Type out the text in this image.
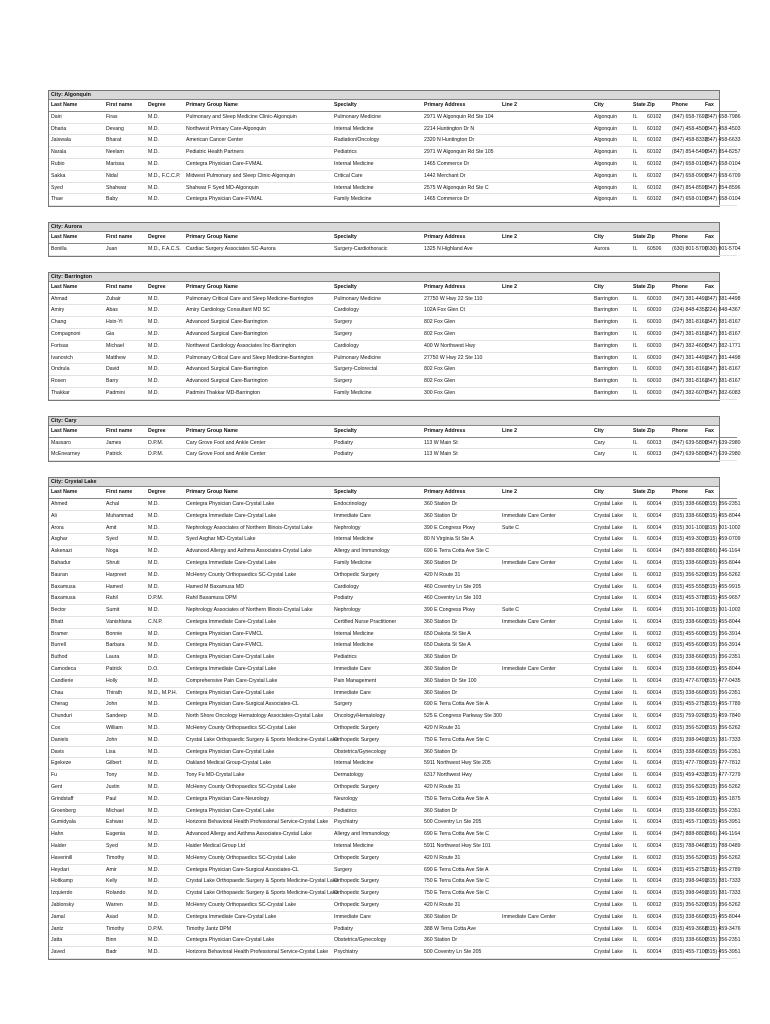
City: Algonquin
Last Name	First name	Degree	Primary Group Name	Specialty	Primary Address	Line 2	City	State	Zip	Phone	Fax
Dairi	Firas	M.D.	Pulmonary and Sleep Medicine Clinic-Algonquin	Pulmonary Medicine	2971 W Algonquin Rd Ste 104		Algonquin	IL	60102	(847) 658-7693	(847) 658-7986
Dharia	Devang	M.D.	Northwest Primary Care-Algonquin	Internal Medicine	2214 Huntington Dr N		Algonquin	IL	60102	(847) 458-4500	(847) 458-4503
Jaiswala	Bharat	M.D.	American Cancer Center	Radiation/Oncology	2320 N Huntington Dr		Algonquin	IL	60102	(847) 458-8333	(847) 458-6633
Narala	Neelam	M.D.	Pediatric Health Partners	Pediatrics	2971 W Algonquin Rd Ste 105		Algonquin	IL	60102	(847) 854-5490	(847) 854-8257
Rubio	Marissa	M.D.	Centegra Physician Care-FVMAL	Internal Medicine	1465 Commerce Dr		Algonquin	IL	60102	(847) 658-0100	(847) 658-0104
Sakka	Nidal	M.D., F.C.C.P.	Midwest Pulmonary and Sleep Clinic-Algonquin	Critical Care	1442 Merchant Dr		Algonquin	IL	60102	(847) 658-0909	(847) 658-6709
Syed	Shahwar	M.D.	Shahwar F Syed MD-Algonquin	Internal Medicine	2575 W Algonquin Rd Ste C		Algonquin	IL	60102	(847) 854-8595	(847) 854-8596
Thae	Baby	M.D.	Centegra Physician Care-FVMAL	Family Medicine	1465 Commerce Dr		Algonquin	IL	60102	(847) 658-0100	(847) 658-0104
City: Aurora
Last Name	First name	Degree	Primary Group Name	Specialty	Primary Address	Line 2	City	State	Zip	Phone	Fax
Bonilla	Juan	M.D., F.A.C.S.	Cardiac Surgery Associates SC-Aurora	Surgery-Cardiothoracic	1325 N Highland Ave		Aurora	IL	60506	(630) 801-5700	(630) 801-5704
City: Barrington
Last Name	First name	Degree	Primary Group Name	Specialty	Primary Address	Line 2	City	State	Zip	Phone	Fax
Ahmad	Zubair	M.D.	Pulmonary Critical Care and Sleep Medicine-Barrington	Pulmonary Medicine	27750 W Hwy 22 Ste 110		Barrington	IL	60010	(847) 381-4491	(847) 381-4498
Amiry	Abas	M.D.	Amiry Cardiology Consultant MD SC	Cardiology	102A Fox Glen Ct		Barrington	IL	60010	(224) 848-4353	(224) 848-4367
Chang	Hsin-Yi	M.D.	Advanced Surgical Care-Barrington	Surgery	802 Fox Glen		Barrington	IL	60010	(847) 381-8161	(847) 381-8167
Compagnoni	Gia	M.D.	Advanced Surgical Care-Barrington	Surgery	802 Fox Glen		Barrington	IL	60010	(847) 381-8161	(847) 381-8167
Fortsas	Michael	M.D.	Northwest Cardiology Associates Inc-Barrington	Cardiology	400 W Northwest Hwy		Barrington	IL	60010	(847) 382-4600	(847) 382-1771
Ivanovich	Matthew	M.D.	Pulmonary Critical Care and Sleep Medicine-Barrington	Pulmonary Medicine	27750 W Hwy 22 Ste 110		Barrington	IL	60010	(847) 381-4491	(847) 381-4498
Ondrula	David	M.D.	Advanced Surgical Care-Barrington	Surgery-Colorectal	802 Fox Glen		Barrington	IL	60010	(847) 381-8161	(847) 381-8167
Rosen	Barry	M.D.	Advanced Surgical Care-Barrington	Surgery	802 Fox Glen		Barrington	IL	60010	(847) 381-8161	(847) 381-8167
Thakkar	Padmini	M.D.	Padmini Thakkar MD-Barrington	Family Medicine	300 Fox Glen		Barrington	IL	60010	(847) 382-6070	(847) 382-6083
City: Cary
Last Name	First name	Degree	Primary Group Name	Specialty	Primary Address	Line 2	City	State	Zip	Phone	Fax
Massaro	James	D.P.M.	Cary Grove Foot and Ankle Center	Podiatry	113 W Main St		Cary	IL	60013	(847) 639-5800	(847) 639-2980
McEnearney	Patrick	D.P.M.	Cary Grove Foot and Ankle Center	Podiatry	113 W Main St		Cary	IL	60013	(847) 639-5800	(847) 639-2980
City: Crystal Lake
Last Name	First name	Degree	Primary Group Name	Specialty	Primary Address	Line 2	City	State	Zip	Phone	Fax
Ahmed	Achal	M.D.	Centegra Physician Care-Crystal Lake	Endocrinology	360 Station Dr		Crystal Lake	IL	60014	(815) 338-6600	(815) 356-2351
Ali	Muhammad	M.D.	Centegra Immediate Care-Crystal Lake	Immediate Care	360 Station Dr	Immediate Care Center	Crystal Lake	IL	60014	(815) 338-6600	(815) 455-8044
Arora	Amit	M.D.	Nephrology Associates of Northern Illinois-Crystal Lake	Nephrology	390 E Congress Pkwy	Suite C	Crystal Lake	IL	60014	(815) 301-1001	(815) 301-1002
Asghar	Syed	M.D.	Syed Asghar MD-Crystal Lake	Internal Medicine	80 N Virginia St Ste A		Crystal Lake	IL	60014	(815) 459-3030	(815) 459-0709
Askenazi	Noga	M.D.	Advanced Allergy and Asthma Associates-Crystal Lake	Allergy and Immunology	690 E Terra Cotta Ave Ste C		Crystal Lake	IL	60014	(847) 888-8802	(866) 246-1164
Bahadur	Shruti	M.D.	Centegra Immediate Care-Crystal Lake	Family Medicine	360 Station Dr	Immediate Care Center	Crystal Lake	IL	60014	(815) 338-6600	(815) 455-8044
Bauran	Harpreet	M.D.	McHenry County Orthopaedics SC-Crystal Lake	Orthopedic Surgery	420 N Route 31		Crystal Lake	IL	60012	(815) 356-5200	(815) 356-5262
Baxamusa	Hamed	M.D.	Hamed M Baxamusa MD	Cardiology	460 Coventry Ln Ste 205		Crystal Lake	IL	60014	(815) 455-5550	(815) 455-9915
Baxamusa	Rahil	D.P.M.	Rahil Baxamusa DPM	Podiatry	460 Coventry Ln Ste 103		Crystal Lake	IL	60014	(815) 455-3788	(815) 455-9657
Bector	Sumit	M.D.	Nephrology Associates of Northern Illinois-Crystal Lake	Nephrology	390 E Congress Pkwy	Suite C	Crystal Lake	IL	60014	(815) 301-1001	(815) 301-1002
Bhatt	Vanishtana	C.N.P.	Centegra Immediate Care-Crystal Lake	Certified Nurse Practitioner	360 Station Dr	Immediate Care Center	Crystal Lake	IL	60014	(815) 338-6600	(815) 455-8044
Bramer	Bonnie	M.D.	Centegra Physician Care-FVMCL	Internal Medicine	650 Dakota St Ste A		Crystal Lake	IL	60012	(815) 455-6000	(815) 356-3914
Burrell	Barbara	M.D.	Centegra Physician Care-FVMCL	Internal Medicine	650 Dakota St Ste A		Crystal Lake	IL	60012	(815) 455-6000	(815) 356-3914
Buthod	Laura	M.D.	Centegra Physician Care-Crystal Lake	Pediatrics	360 Station Dr		Crystal Lake	IL	60014	(815) 338-6600	(815) 356-2351
Camodeca	Patrick	D.O.	Centegra Immediate Care-Crystal Lake	Immediate Care	360 Station Dr	Immediate Care Center	Crystal Lake	IL	60014	(815) 338-6600	(815) 455-8044
Candlerie	Holly	M.D.	Comprehensive Pain Care-Crystal Lake	Pain Management	360 Station Dr Ste 100		Crystal Lake	IL	60014	(815) 477-6700	(815) 477-0435
Chau	Thirath	M.D., M.P.H.	Centegra Physician Care-Crystal Lake	Immediate Care	360 Station Dr		Crystal Lake	IL	60014	(815) 338-6600	(815) 356-2351
Cherag	John	M.D.	Centegra Physician Care-Surgical Associates-CL	Surgery	690 E Terra Cotta Ave Ste A		Crystal Lake	IL	60014	(815) 455-2752	(815) 455-7789
Chunduri	Sandeep	M.D.	North Shore Oncology Hematology Associates-Crystal Lake	Oncology/Hematology	525 E Congress Parkway Ste 300		Crystal Lake	IL	60014	(815) 759-9260	(815) 459-7840
Cox	William	M.D.	McHenry County Orthopaedics SC-Crystal Lake	Orthopedic Surgery	420 N Route 31		Crystal Lake	IL	60012	(815) 356-5200	(815) 356-5262
Daniels	John	M.D.	Crystal Lake Orthopaedic Surgery & Sports Medicine-Crystal Lake	Orthopedic Surgery	750 E Terra Cotta Ave Ste C		Crystal Lake	IL	60014	(815) 398-9491	(815) 381-7333
Davis	Lisa	M.D.	Centegra Physician Care-Crystal Lake	Obstetrics/Gynecology	360 Station Dr		Crystal Lake	IL	60014	(815) 338-6600	(815) 356-2351
Egekeze	Gilbert	M.D.	Oakland Medical Group-Crystal Lake	Internal Medicine	5911 Northwest Hwy Ste 205		Crystal Lake	IL	60014	(815) 477-7800	(815) 477-7812
Fu	Tony	M.D.	Tony Fu MD-Crystal Lake	Dermatology	6317 Northwest Hwy		Crystal Lake	IL	60014	(815) 459-4333	(815) 477-7279
Gent	Justin	M.D.	McHenry County Orthopaedics SC-Crystal Lake	Orthopedic Surgery	420 N Route 31		Crystal Lake	IL	60012	(815) 356-5200	(815) 356-5262
Grindstaff	Paul	M.D.	Centegra Physician Care-Neurology	Neurology	750 E Terra Cotta Ave Ste A		Crystal Lake	IL	60014	(815) 455-1800	(815) 455-1875
Groenberg	Michael	M.D.	Centegra Physician Care-Crystal Lake	Pediatrics	360 Station Dr		Crystal Lake	IL	60014	(815) 338-6600	(815) 356-2351
Gumidyala	Eshwar	M.D.	Horizons Behavioral Health Professional Service-Crystal Lake	Psychiatry	500 Coventry Ln Ste 205		Crystal Lake	IL	60014	(815) 455-7100	(815) 455-3951
Hahn	Eugenia	M.D.	Advanced Allergy and Asthma Associates-Crystal Lake	Allergy and Immunology	690 E Terra Cotta Ave Ste C		Crystal Lake	IL	60014	(847) 888-8802	(866) 246-1164
Haider	Syed	M.D.	Haider Medical Group Ltd	Internal Medicine	5911 Northwest Hwy Ste 101		Crystal Lake	IL	60014	(815) 788-0468	(815) 788-0489
Haverinill	Timothy	M.D.	McHenry County Orthopaedics SC-Crystal Lake	Orthopedic Surgery	420 N Route 31		Crystal Lake	IL	60012	(815) 356-5200	(815) 356-5262
Heydari	Amir	M.D.	Centegra Physician Care-Surgical Associates-CL	Surgery	690 E Terra Cotta Ave Ste A		Crystal Lake	IL	60014	(815) 455-2752	(815) 455-2789
Holtkamp	Kelly	M.D.	Crystal Lake Orthopaedic Surgery & Sports Medicine-Crystal Lake	Orthopedic Surgery	750 E Terra Cotta Ave Ste C		Crystal Lake	IL	60014	(815) 398-9491	(815) 381-7333
Izquierdo	Rolando	M.D.	Crystal Lake Orthopaedic Surgery & Sports Medicine-Crystal Lake	Orthopedic Surgery	750 E Terra Cotta Ave Ste C		Crystal Lake	IL	60014	(815) 398-9491	(815) 381-7333
Jablonsky	Warren	M.D.	McHenry County Orthopaedics SC-Crystal Lake	Orthopedic Surgery	420 N Route 31		Crystal Lake	IL	60012	(815) 356-5200	(815) 356-5262
Jamal	Asad	M.D.	Centegra Immediate Care-Crystal Lake	Immediate Care	360 Station Dr	Immediate Care Center	Crystal Lake	IL	60014	(815) 338-6600	(815) 455-8044
Jantz	Timothy	D.P.M.	Timothy Jantz DPM	Podiatry	388 W Terra Cotta Ave		Crystal Lake	IL	60014	(815) 459-3668	(815) 459-3476
Jatta	Binn	M.D.	Centegra Physician Care-Crystal Lake	Obstetrics/Gynecology	360 Station Dr		Crystal Lake	IL	60014	(815) 338-6600	(815) 356-2351
Javed	Badr	M.D.	Horizons Behavioral Health Professional Service-Crystal Lake	Psychiatry	500 Coventry Ln Ste 205		Crystal Lake	IL	60014	(815) 455-7100	(815) 455-3951
